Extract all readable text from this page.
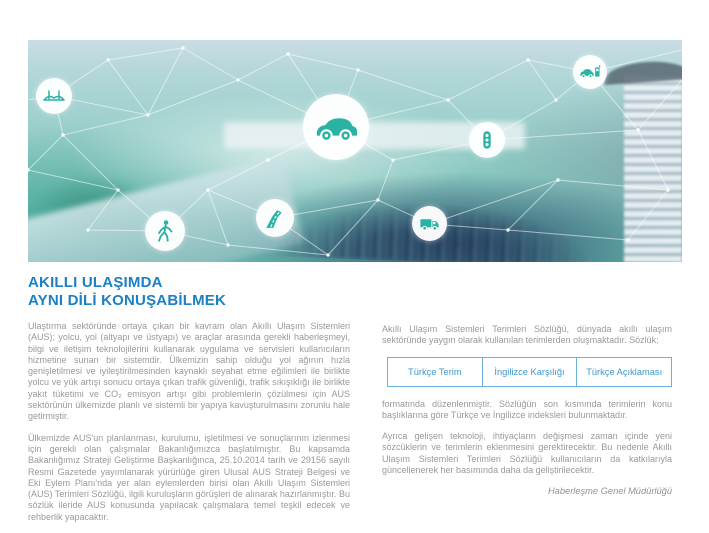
AKILLI ULAŞIMDA
AYNI DİLİ KONUŞABİLMEK

Ulaştırma sektöründe ortaya çıkan bir kavram olan Akıllı Ulaşım Sistemleri (AUS); yolcu, yol (altyapı ve üstyapı) ve araçlar arasında gerekli haberleşmeyi, bilgi ve iletişim teknolojilerini kullanarak uygulama ve servisleri kullanıcıların hizmetine sunan bir sistemdir. Ülkemizin sahip olduğu yol ağının hızla genişletilmesi ve iyileştirilmesinden kaynaklı seyahat etme eğilimleri ile birlikte yolcu ve yük artışı sonucu ortaya çıkan trafik güvenliği, trafik sıkışıklığı ile birlikte yakıt tüketimi ve CO₂ emisyon artışı gibi problemlerin çözülmesi için AUS sektörünün ülkemizde planlı ve sistemli bir yapıya kavuşturulmasını zorunlu hale getirmiştir.

Ülkemizde AUS'un planlanması, kurulumu, işletilmesi ve sonuçlarının izlenmesi için gerekli olan çalışmalar Bakanlığımızca başlatılmıştır. Bu kapsamda Bakanlığımız Strateji Geliştirme Başkanlığınca, 25.10.2014 tarih ve 29156 sayılı Resmi Gazetede yayımlanarak yürürlüğe giren Ulusal AUS Strateji Belgesi ve Eki Eylem Planı'nda yer alan eylemlerden birisi olan Akıllı Ulaşım Sistemleri (AUS) Terimleri Sözlüğü, ilgili kuruluşların görüşleri de alınarak hazırlanmıştır. Bu sözlük ileride AUS konusunda yapılacak çalışmalara temel teşkil edecek ve rehberlik yapacaktır.

Akıllı Ulaşım Sistemleri Terimleri Sözlüğü, dünyada akıllı ulaşım sektöründe yaygın olarak kullanılan terimlerden oluşmaktadır. Sözlük;

Türkçe Terim	İngilizce Karşılığı	Türkçe Açıklaması

formatında düzenlenmiştir. Sözlüğün son kısmında terimlerin konu başlıklarına göre Türkçe ve İngilizce indeksleri bulunmaktadır.

Ayrıca gelişen teknoloji, ihtiyaçların değişmesi zaman içinde yeni sözcüklerin ve terimlerin eklenmesini gerektirecektir. Bu nedenle Akıllı Ulaşım Sistemleri Terimleri Sözlüğü kullanıcıların da katkılarıyla güncellenerek her basımında daha da geliştirilecektir.

Haberleşme Genel Müdürlüğü
